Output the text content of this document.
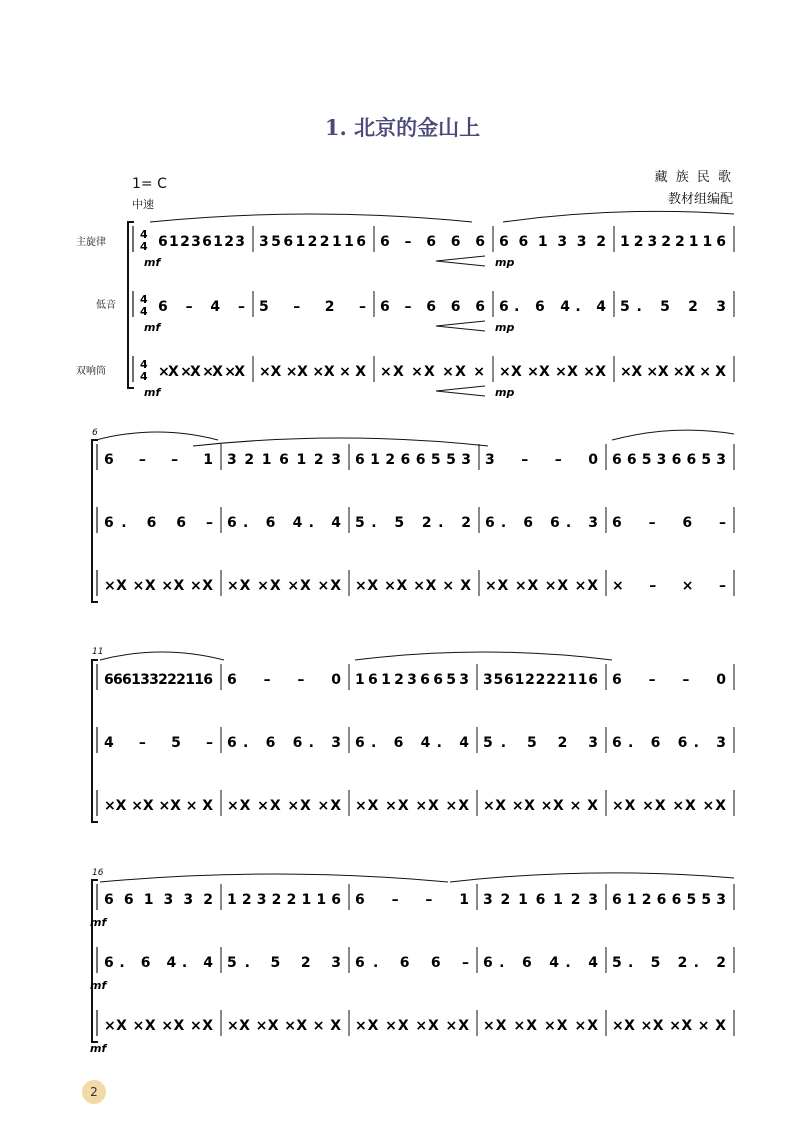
1. 北京的金山上
藏 族 民 歌
教材组编配
1= C
中速
主旋律
低音
双响筒
6
11
16
4
4 6 1 2 3 6 1 2 3 3 5 6 1 2 2 1 1 6 6 – 6 6 6 6 6 1 3 3 2 1 2 3 2 2 1 1 6
4
4 6 – 4 – 5 – 2 – 6 – 6 6 6 6. 6 4. 4 5. 5 2 3
4
4 ×X ×X ×X ×X ×X ×X ×X × X ×X ×X ×X × ×X ×X ×X ×X ×X ×X ×X × X
mf	mp
mf	mp
mf	mp
6 – – 1 3 2 1 6 1 2 3 6 1 2 6 6 5 5 3 3 – – 0 6 6 5 3 6 6 5 3
6. 6 6 – 6. 6 4. 4 5. 5 2. 2 6. 6 6. 3 6 – 6 –
×X ×X ×X ×X ×X ×X ×X ×X ×X ×X ×X × X ×X ×X ×X ×X × – × –
6 6 6 1 3 3 2 2 2 1 1 6 6 – – 0 1 6 1 2 3 6 6 5 3 3 5 6 1 2 2 2 2 1 1 6 6 – – 0
4 – 5 – 6. 6 6. 3 6. 6 4. 4 5. 5 2 3 6. 6 6. 3
×X ×X ×X × X ×X ×X ×X ×X ×X ×X ×X ×X ×X ×X ×X × X ×X ×X ×X ×X
6 6 1 3 3 2 1 2 3 2 2 1 1 6 6 – – 1 3 2 1 6 1 2 3 6 1 2 6 6 5 5 3
6. 6 4. 4 5. 5 2 3 6. 6 6 – 6. 6 4. 4 5. 5 2. 2
×X ×X ×X ×X ×X ×X ×X × X ×X ×X ×X ×X ×X ×X ×X ×X ×X ×X ×X × X
mf
mf
mf
2
